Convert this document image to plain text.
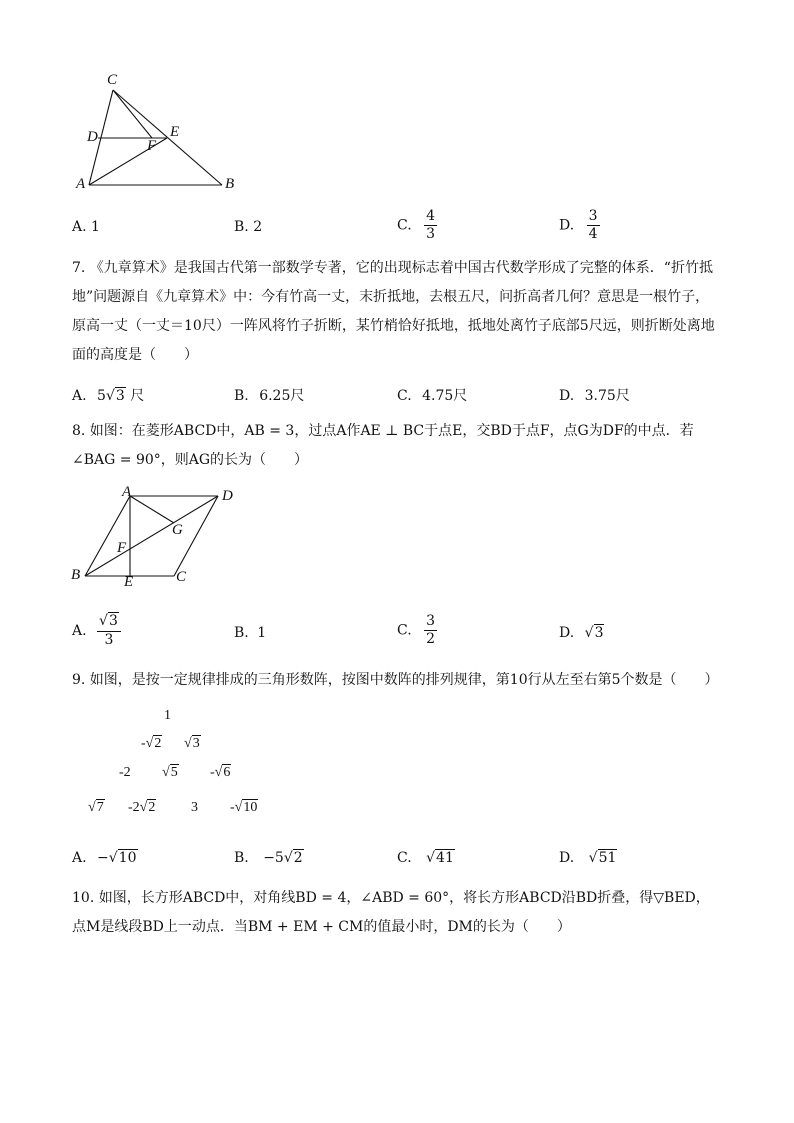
C
D	E
F
A	B
A. 1	B. 2	C. $\frac{4}{3}$	D. $\frac{3}{4}$
7. 《九章算术》是我国古代第一部数学专著，它的出现标志着中国古代数学形成了完整的体系．“折竹抵
地”问题源自《九章算术》中：今有竹高一丈，末折抵地，去根五尺，问折高者几何？意思是一根竹子，
原高一丈（一丈＝10尺）一阵风将竹子折断，某竹梢恰好抵地，抵地处离竹子底部5尺远，则折断处离地
面的高度是（　　）
A. 5√3 尺	B. 6.25尺	C. 4.75尺	D. 3.75尺
8. 如图：在菱形ABCD中，AB = 3，过点A作AE ⊥ BC于点E，交BD于点F，点G为DF的中点．若
∠BAG = 90°，则AG的长为（　　）
A	D
G
F
B	E	C
A. $\frac{√3}{3}$	B. 1	C. $\frac{3}{2}$	D. √3
9. 如图，是按一定规律排成的三角形数阵，按图中数阵的排列规律，第10行从左至右第5个数是（　　）
1
-√2 √3
-2 √5 -√6
√7 -2√2	3 -√10
A. −√10	B. −5√2	C. √41	D. √51
10. 如图，长方形ABCD中，对角线BD = 4，∠ABD = 60°，将长方形ABCD沿BD折叠，得▽BED，
点M是线段BD上一动点．当BM + EM + CM的值最小时，DM的长为（　　）
